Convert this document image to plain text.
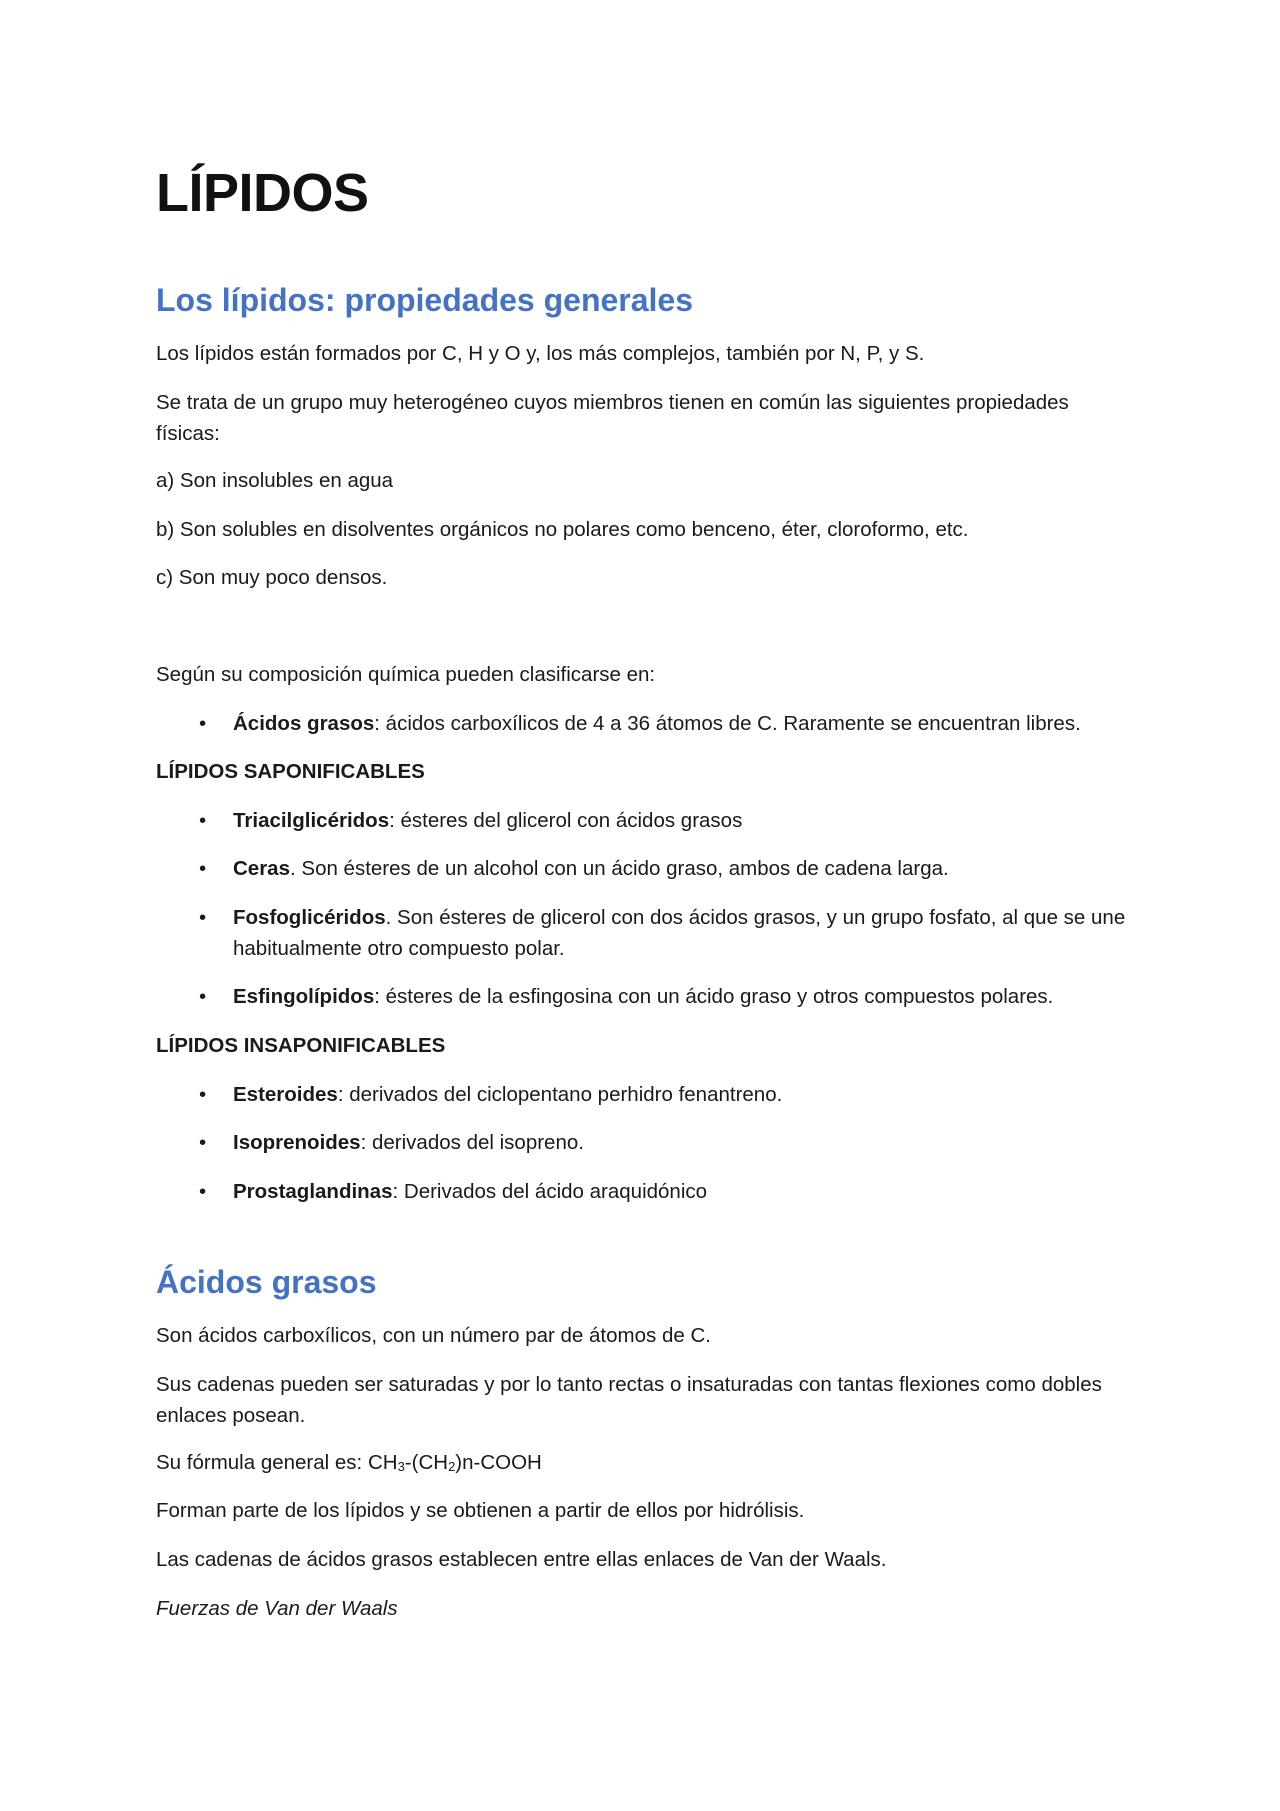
LÍPIDOS
Los lípidos: propiedades generales

Los lípidos están formados por C, H y O y, los más complejos, también por N, P, y S.

Se trata de un grupo muy heterogéneo cuyos miembros tienen en común las siguientes propiedades físicas:

a) Son insolubles en agua

b) Son solubles en disolventes orgánicos no polares como benceno, éter, cloroformo, etc.

c) Son muy poco densos.

Según su composición química pueden clasificarse en:

• Ácidos grasos: ácidos carboxílicos de 4 a 36 átomos de C. Raramente se encuentran libres.

LÍPIDOS SAPONIFICABLES

• Triacilglicéridos: ésteres del glicerol con ácidos grasos

• Ceras. Son ésteres de un alcohol con un ácido graso, ambos de cadena larga.

• Fosfoglicéridos. Son ésteres de glicerol con dos ácidos grasos, y un grupo fosfato, al que se une habitualmente otro compuesto polar.

• Esfingolípidos: ésteres de la esfingosina con un ácido graso y otros compuestos polares.

LÍPIDOS INSAPONIFICABLES

• Esteroides: derivados del ciclopentano perhidro fenantreno.

• Isoprenoides: derivados del isopreno.

• Prostaglandinas: Derivados del ácido araquidónico

Ácidos grasos

Son ácidos carboxílicos, con un número par de átomos de C.

Sus cadenas pueden ser saturadas y por lo tanto rectas o insaturadas con tantas flexiones como dobles enlaces posean.

Su fórmula general es: $CH_3-(CH_2)n$-COOH

Forman parte de los lípidos y se obtienen a partir de ellos por hidrólisis.

Las cadenas de ácidos grasos establecen entre ellas enlaces de Van der Waals.

Fuerzas de Van der Waals
